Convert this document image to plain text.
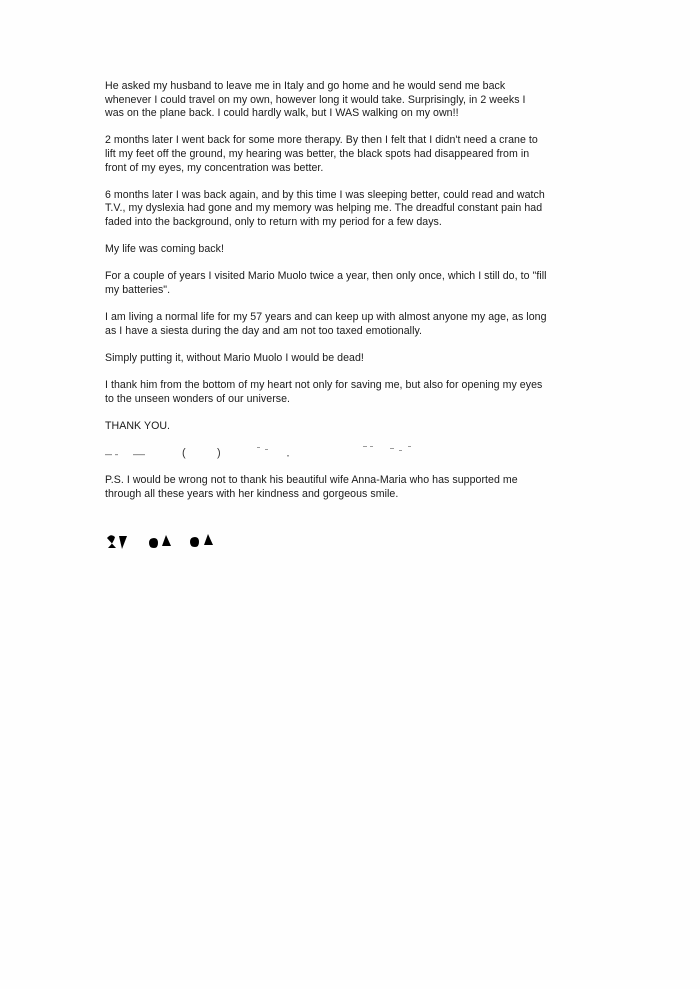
He asked my husband to leave me in Italy and go home and he would send me back
whenever I could travel on my own, however long it would take. Surprisingly, in 2 weeks I
was on the plane back. I could hardly walk, but I WAS walking on my own!!

2 months later I went back for some more therapy. By then I felt that I didn't need a crane to
lift my feet off the ground, my hearing was better, the black spots had disappeared from in
front of my eyes, my concentration was better.

6 months later I was back again, and by this time I was sleeping better, could read and watch
T.V., my dyslexia had gone and my memory was helping me. The dreadful constant pain had
faded into the background, only to return with my period for a few days.

My life was coming back!

For a couple of years I visited Mario Muolo twice a year, then only once, which I still do, to "fill
my batteries".

I am living a normal life for my 57 years and can keep up with almost anyone my age, as long
as I have a siesta during the day and am not too taxed emotionally.

Simply putting it, without Mario Muolo I would be dead!

I thank him from the bottom of my heart not only for saving me, but also for opening my eyes
to the unseen wonders of our universe.

THANK YOU.

P.S. I would be wrong not to thank his beautiful wife Anna-Maria who has supported me
through all these years with her kindness and gorgeous smile.

(	)
